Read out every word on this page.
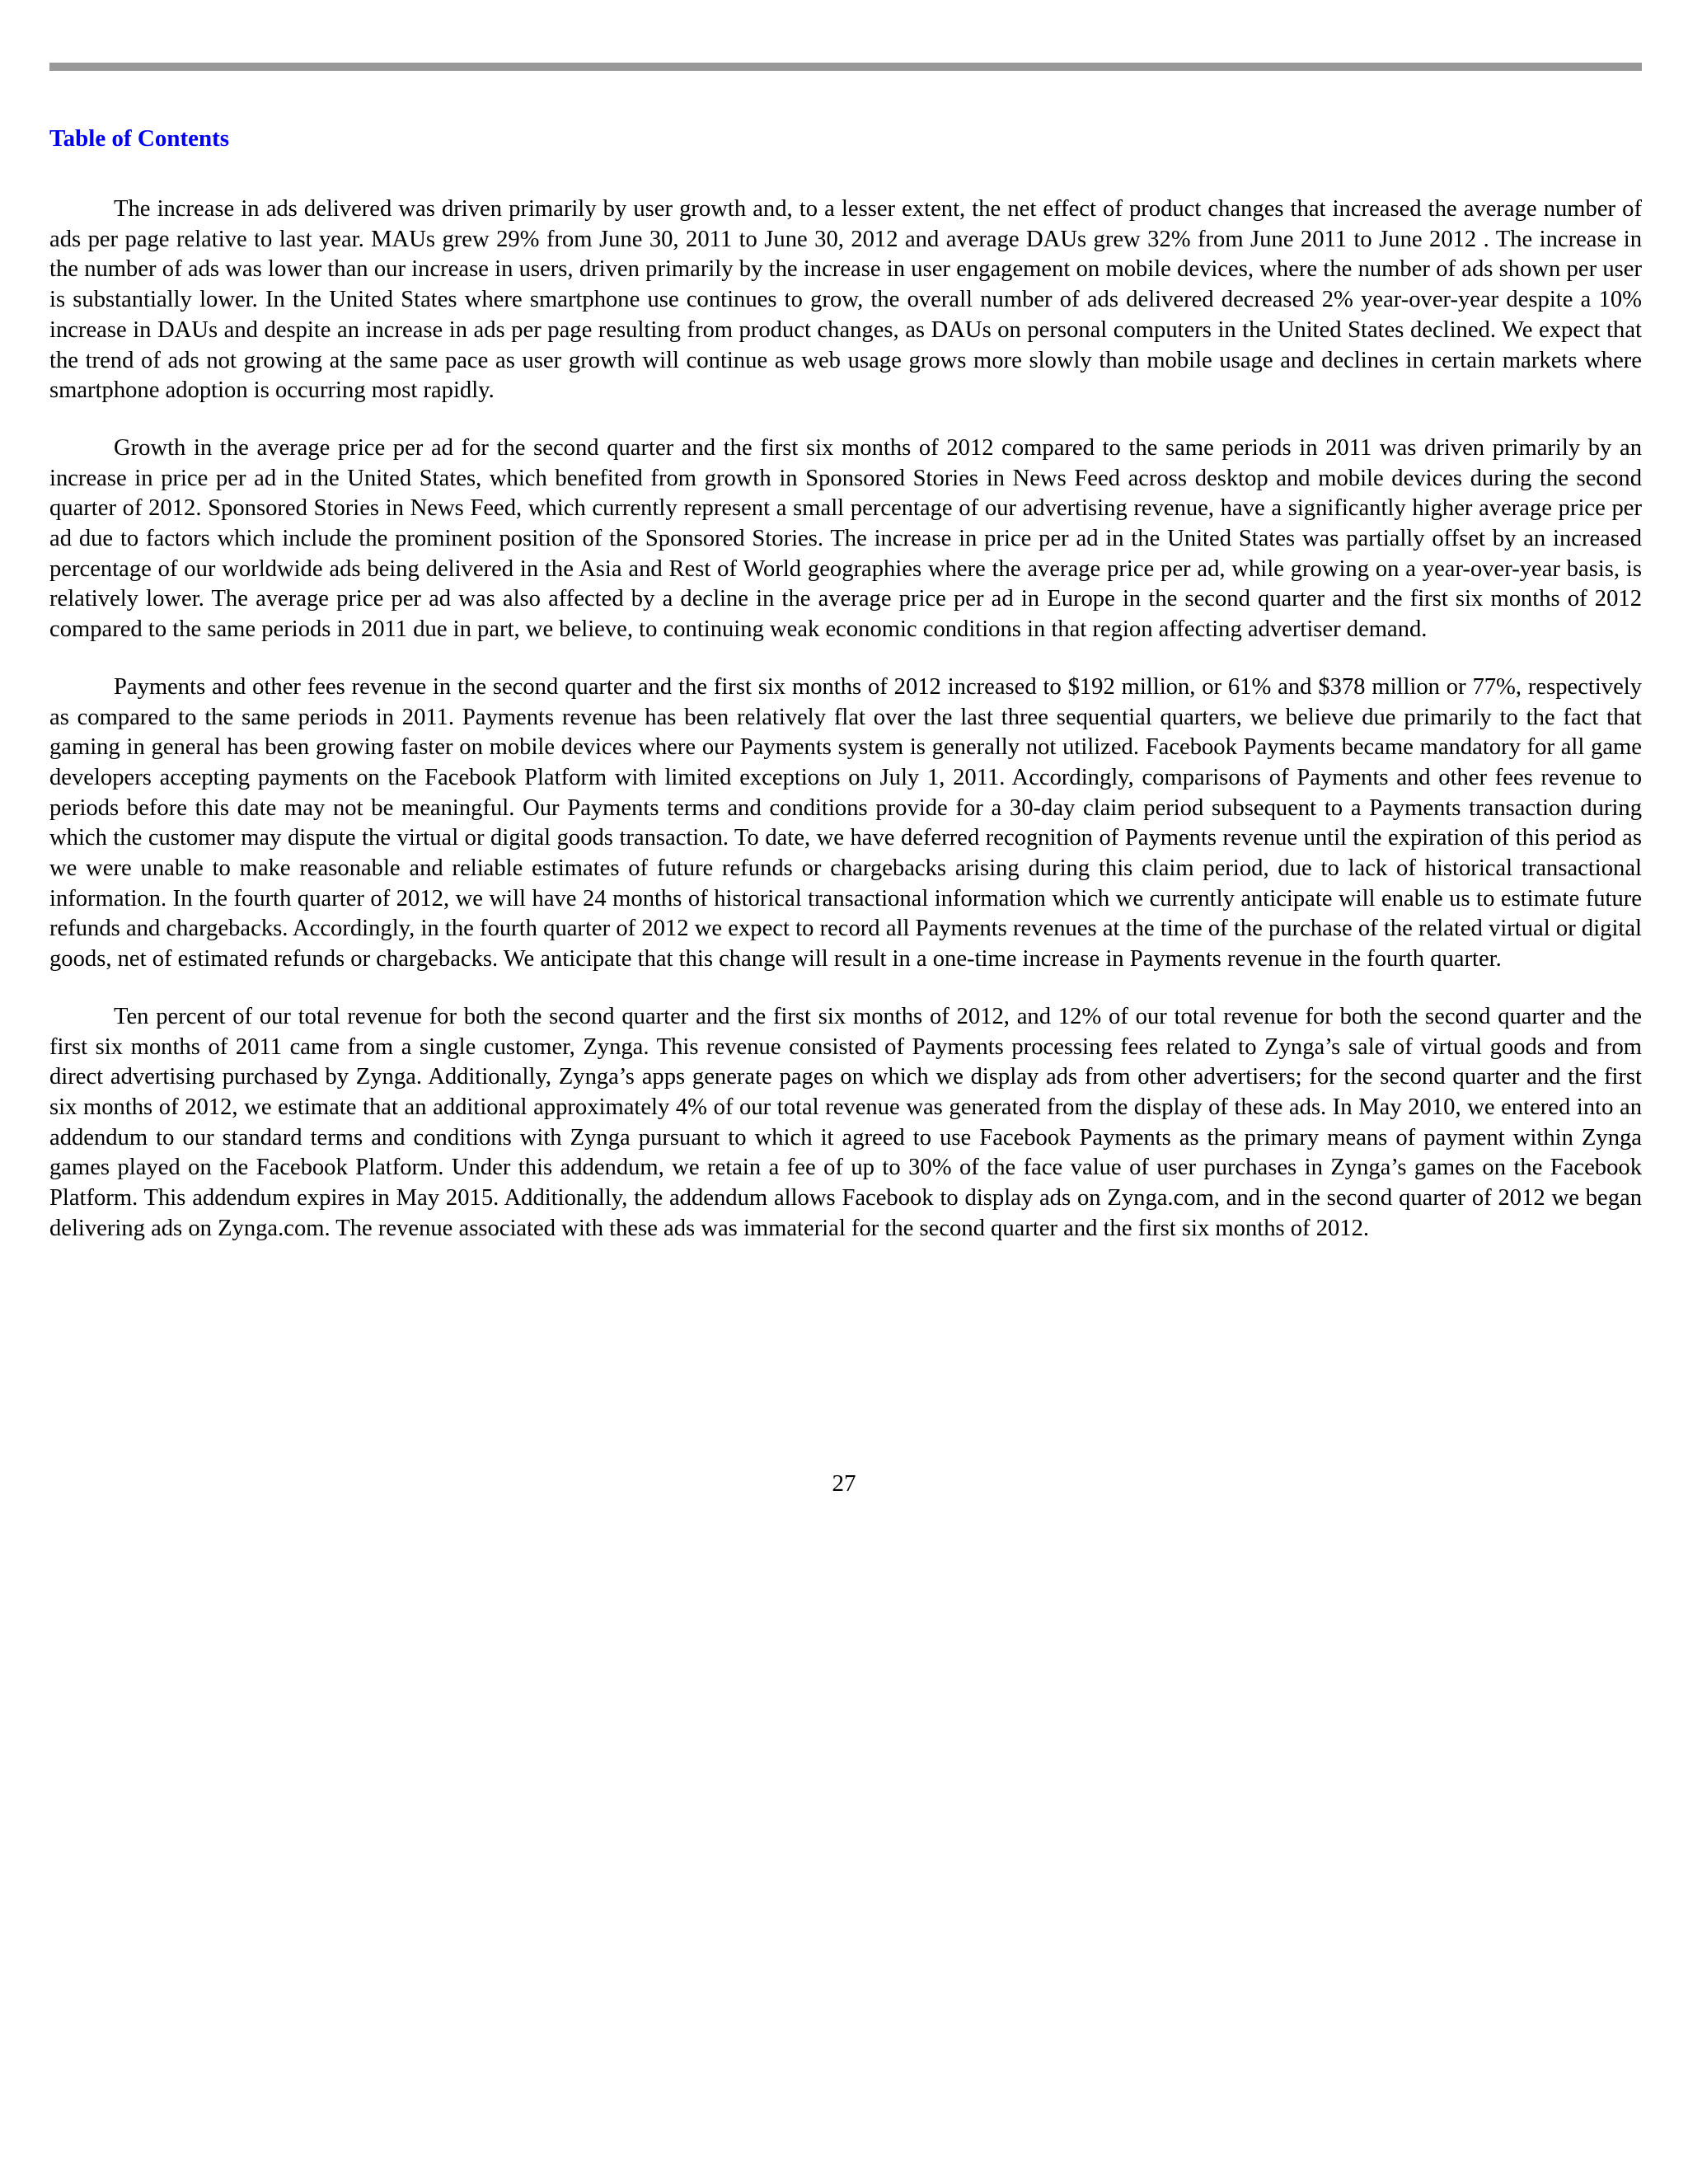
Table of Contents

The increase in ads delivered was driven primarily by user growth and, to a lesser extent, the net effect of product changes that increased the average number of ads per page relative to last year. MAUs grew 29% from June 30, 2011 to June 30, 2012 and average DAUs grew 32% from June 2011 to June 2012 . The increase in the number of ads was lower than our increase in users, driven primarily by the increase in user engagement on mobile devices, where the number of ads shown per user is substantially lower. In the United States where smartphone use continues to grow, the overall number of ads delivered decreased 2% year-over-year despite a 10% increase in DAUs and despite an increase in ads per page resulting from product changes, as DAUs on personal computers in the United States declined. We expect that the trend of ads not growing at the same pace as user growth will continue as web usage grows more slowly than mobile usage and declines in certain markets where smartphone adoption is occurring most rapidly.

Growth in the average price per ad for the second quarter and the first six months of 2012 compared to the same periods in 2011 was driven primarily by an increase in price per ad in the United States, which benefited from growth in Sponsored Stories in News Feed across desktop and mobile devices during the second quarter of 2012. Sponsored Stories in News Feed, which currently represent a small percentage of our advertising revenue, have a significantly higher average price per ad due to factors which include the prominent position of the Sponsored Stories. The increase in price per ad in the United States was partially offset by an increased percentage of our worldwide ads being delivered in the Asia and Rest of World geographies where the average price per ad, while growing on a year-over-year basis, is relatively lower. The average price per ad was also affected by a decline in the average price per ad in Europe in the second quarter and the first six months of 2012 compared to the same periods in 2011 due in part, we believe, to continuing weak economic conditions in that region affecting advertiser demand.

Payments and other fees revenue in the second quarter and the first six months of 2012 increased to $192 million, or 61% and $378 million or 77%, respectively as compared to the same periods in 2011. Payments revenue has been relatively flat over the last three sequential quarters, we believe due primarily to the fact that gaming in general has been growing faster on mobile devices where our Payments system is generally not utilized. Facebook Payments became mandatory for all game developers accepting payments on the Facebook Platform with limited exceptions on July 1, 2011. Accordingly, comparisons of Payments and other fees revenue to periods before this date may not be meaningful. Our Payments terms and conditions provide for a 30-day claim period subsequent to a Payments transaction during which the customer may dispute the virtual or digital goods transaction. To date, we have deferred recognition of Payments revenue until the expiration of this period as we were unable to make reasonable and reliable estimates of future refunds or chargebacks arising during this claim period, due to lack of historical transactional information. In the fourth quarter of 2012, we will have 24 months of historical transactional information which we currently anticipate will enable us to estimate future refunds and chargebacks. Accordingly, in the fourth quarter of 2012 we expect to record all Payments revenues at the time of the purchase of the related virtual or digital goods, net of estimated refunds or chargebacks. We anticipate that this change will result in a one-time increase in Payments revenue in the fourth quarter.

Ten percent of our total revenue for both the second quarter and the first six months of 2012, and 12% of our total revenue for both the second quarter and the first six months of 2011 came from a single customer, Zynga. This revenue consisted of Payments processing fees related to Zynga’s sale of virtual goods and from direct advertising purchased by Zynga. Additionally, Zynga’s apps generate pages on which we display ads from other advertisers; for the second quarter and the first six months of 2012, we estimate that an additional approximately 4% of our total revenue was generated from the display of these ads. In May 2010, we entered into an addendum to our standard terms and conditions with Zynga pursuant to which it agreed to use Facebook Payments as the primary means of payment within Zynga games played on the Facebook Platform. Under this addendum, we retain a fee of up to 30% of the face value of user purchases in Zynga’s games on the Facebook Platform. This addendum expires in May 2015. Additionally, the addendum allows Facebook to display ads on Zynga.com, and in the second quarter of 2012 we began delivering ads on Zynga.com. The revenue associated with these ads was immaterial for the second quarter and the first six months of 2012.

27
